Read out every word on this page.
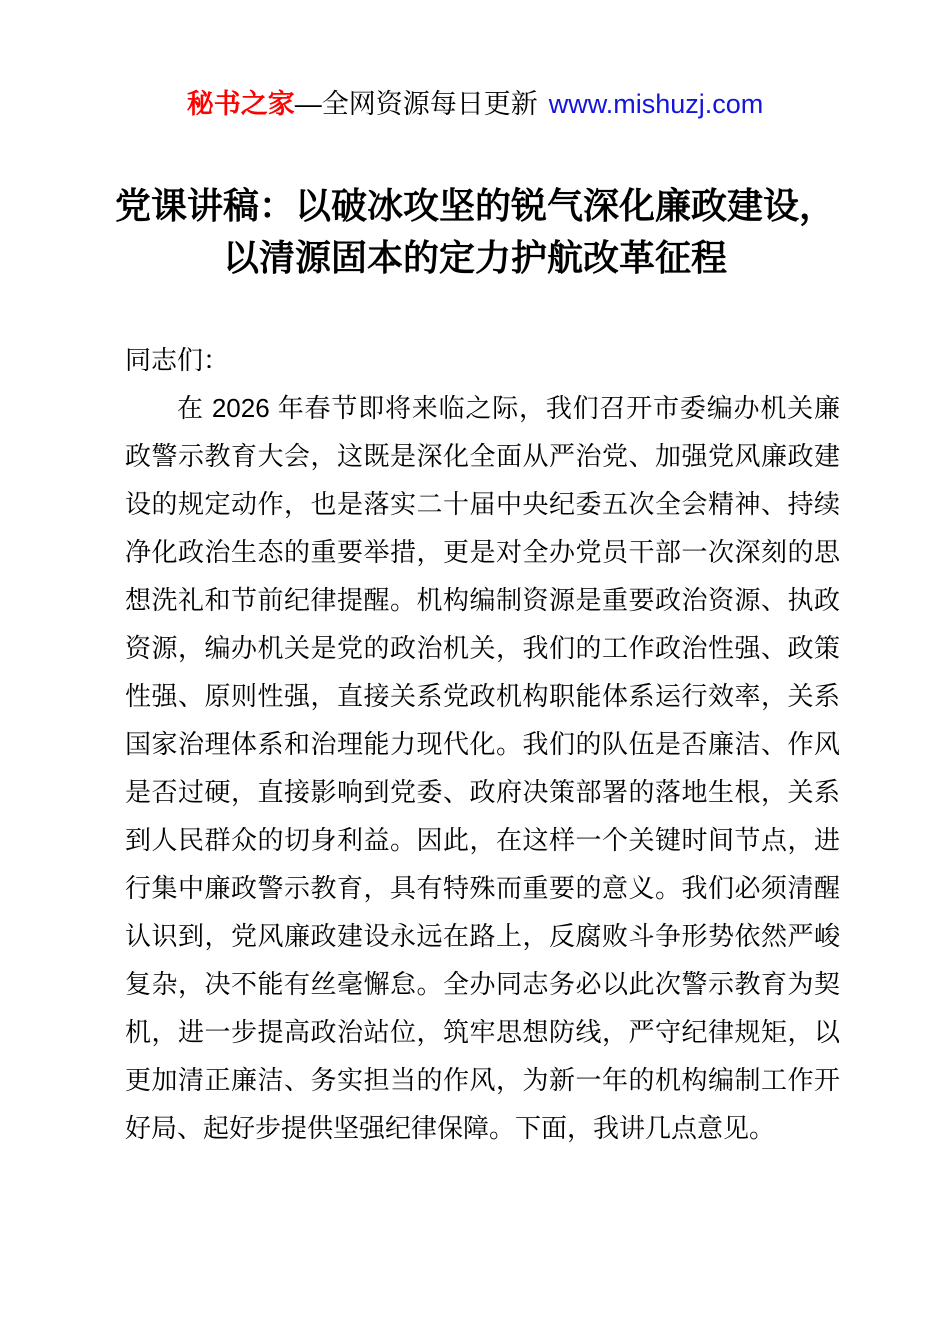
秘书之家—全网资源每日更新 www.mishuzj.com
党课讲稿：以破冰攻坚的锐气深化廉政建设，
以清源固本的定力护航改革征程

同志们：

在 2026 年春节即将来临之际，我们召开市委编办机关廉政警示教育大会，这既是深化全面从严治党、加强党风廉政建设的规定动作，也是落实二十届中央纪委五次全会精神、持续净化政治生态的重要举措，更是对全办党员干部一次深刻的思想洗礼和节前纪律提醒。机构编制资源是重要政治资源、执政资源，编办机关是党的政治机关，我们的工作政治性强、政策性强、原则性强，直接关系党政机构职能体系运行效率，关系国家治理体系和治理能力现代化。我们的队伍是否廉洁、作风是否过硬，直接影响到党委、政府决策部署的落地生根，关系到人民群众的切身利益。因此，在这样一个关键时间节点，进行集中廉政警示教育，具有特殊而重要的意义。我们必须清醒认识到，党风廉政建设永远在路上，反腐败斗争形势依然严峻复杂，决不能有丝毫懈怠。全办同志务必以此次警示教育为契机，进一步提高政治站位，筑牢思想防线，严守纪律规矩，以更加清正廉洁、务实担当的作风，为新一年的机构编制工作开好局、起好步提供坚强纪律保障。下面，我讲几点意见。
